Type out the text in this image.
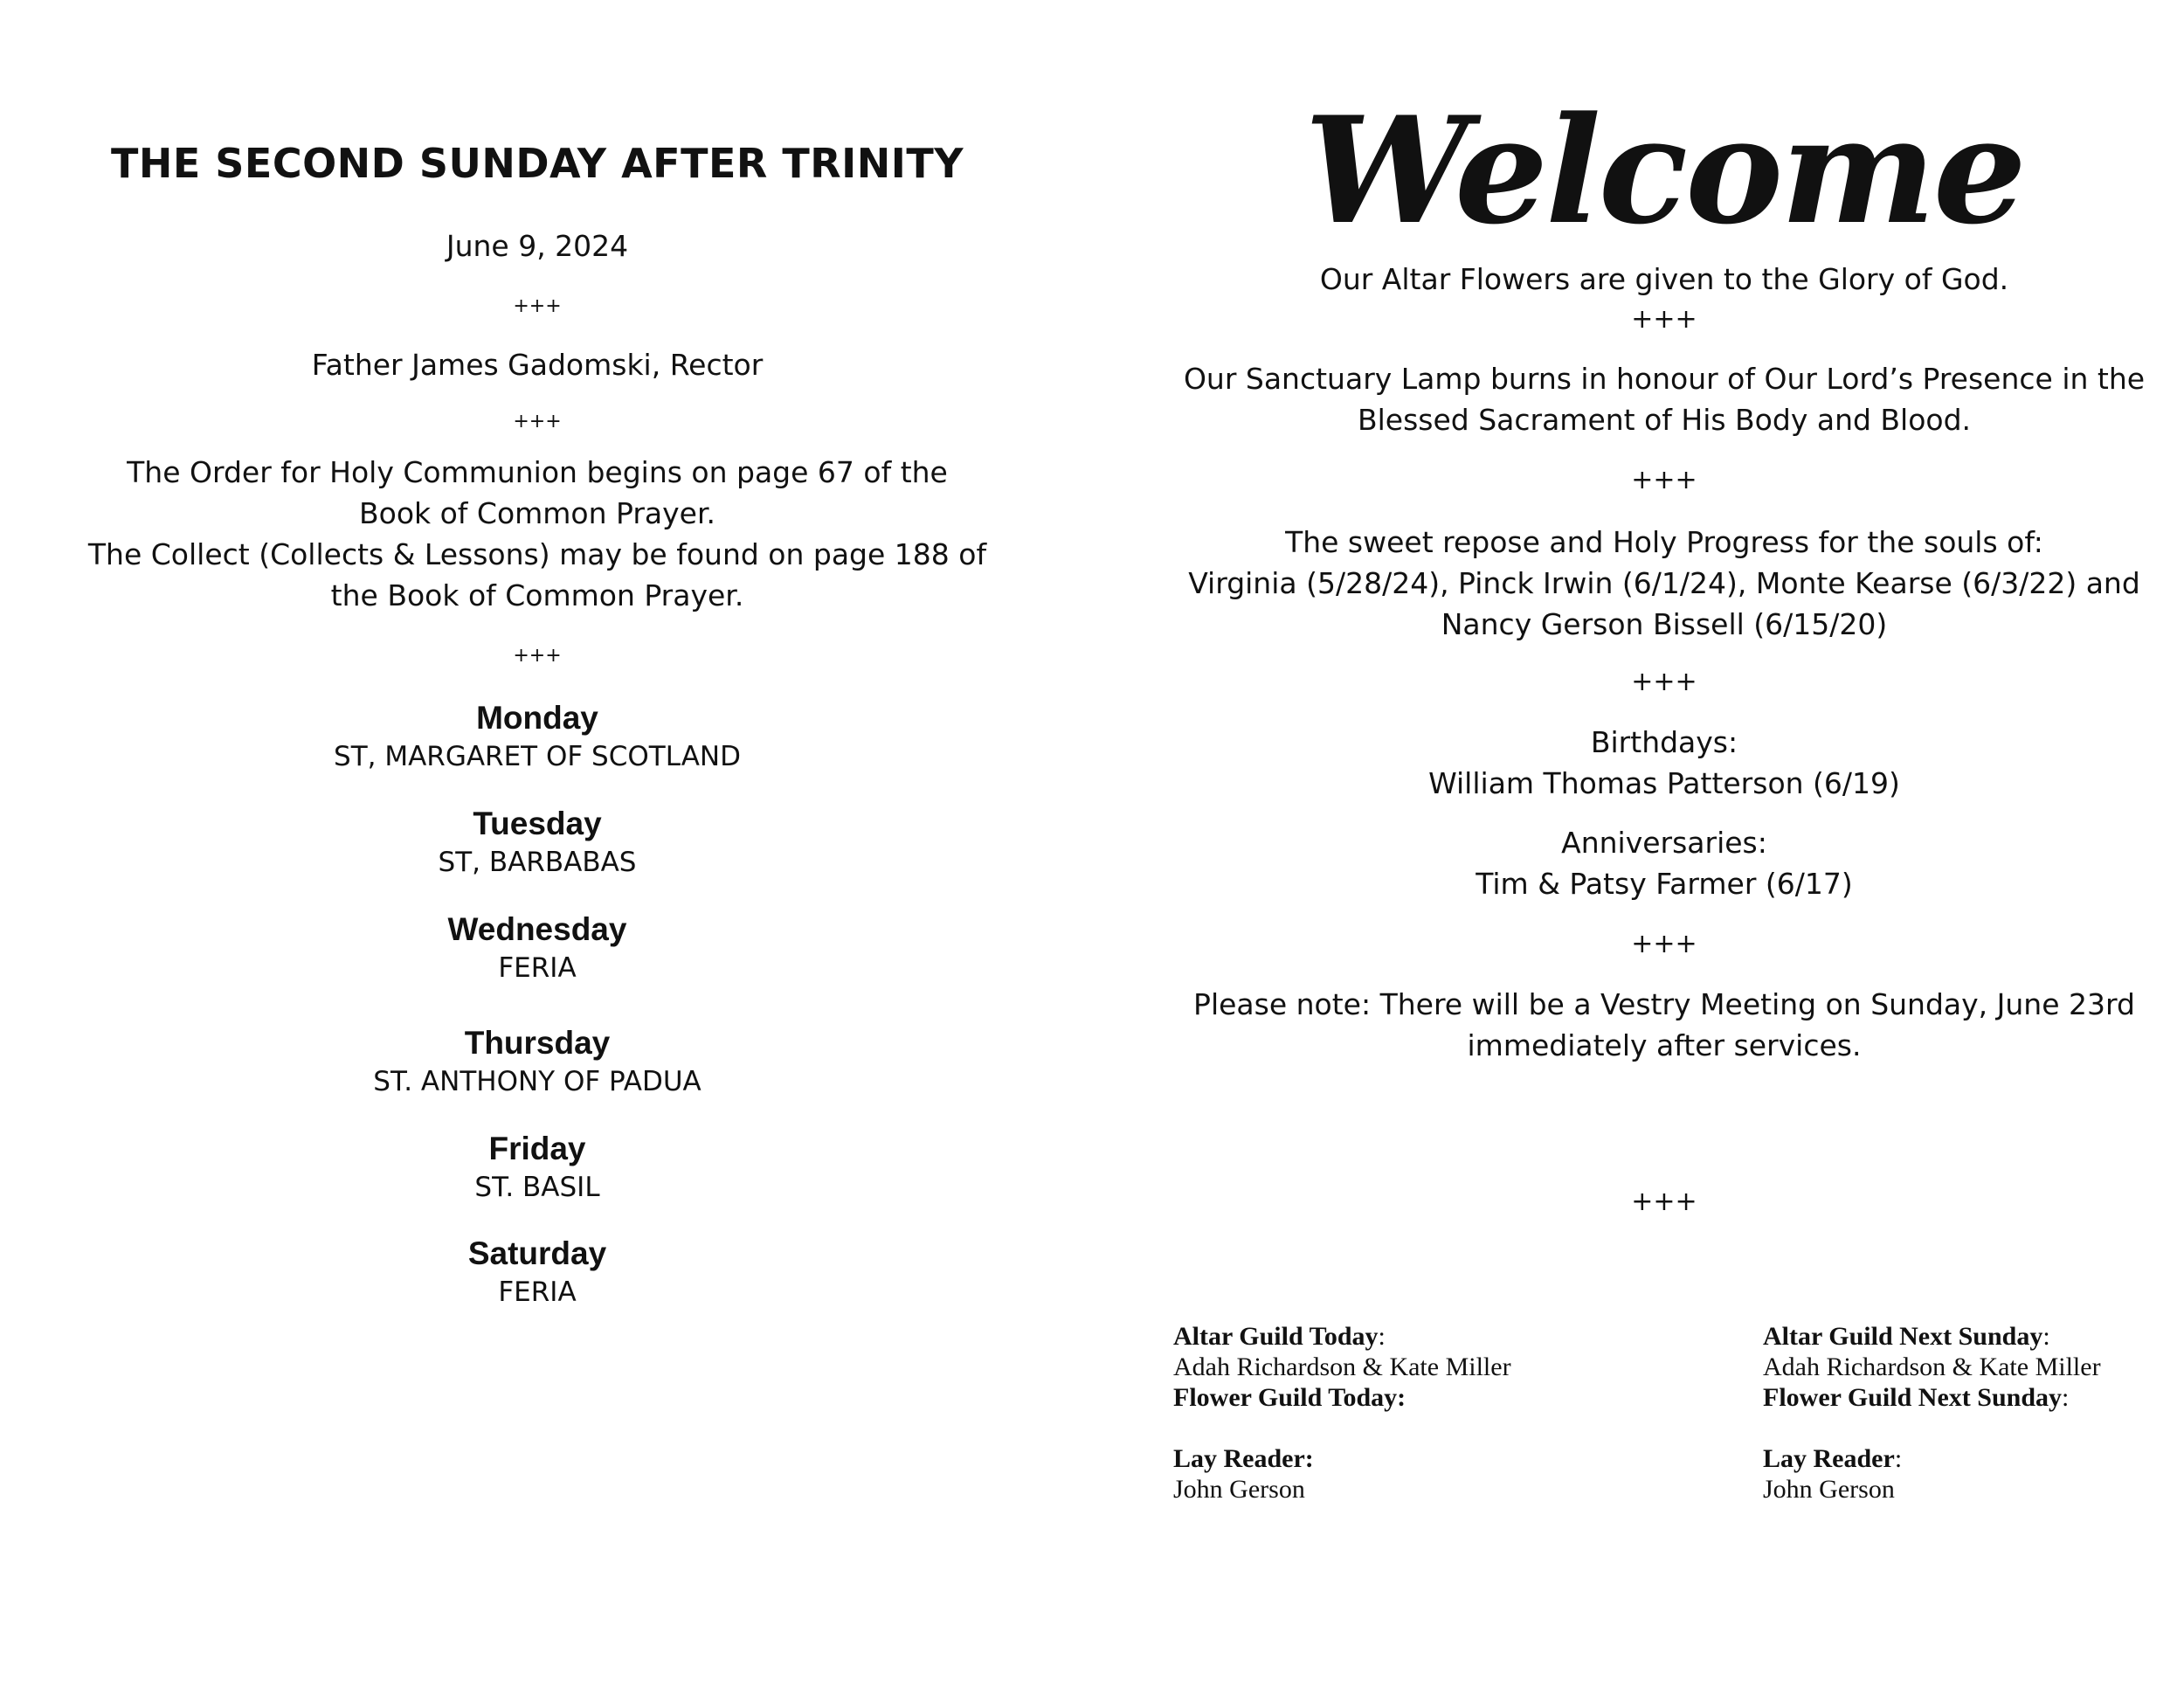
THE SECOND SUNDAY AFTER TRINITY
June 9, 2024
+++
Father James Gadomski, Rector
+++
The Order for Holy Communion begins on page 67 of the
Book of Common Prayer.
The Collect (Collects & Lessons) may be found on page 188 of
the Book of Common Prayer.
+++
Monday
ST, MARGARET OF SCOTLAND
Tuesday
ST, BARBABAS
Wednesday
FERIA
Thursday
ST. ANTHONY OF PADUA
Friday
ST. BASIL
Saturday
FERIA
Welcome
Our Altar Flowers are given to the Glory of God.
+++
Our Sanctuary Lamp burns in honour of Our Lord’s Presence in the
Blessed Sacrament of His Body and Blood.
+++
The sweet repose and Holy Progress for the souls of:
Virginia (5/28/24), Pinck Irwin (6/1/24), Monte Kearse (6/3/22) and
Nancy Gerson Bissell (6/15/20)
+++
Birthdays:
William Thomas Patterson (6/19)
Anniversaries:
Tim & Patsy Farmer (6/17)
+++
Please note: There will be a Vestry Meeting on Sunday, June 23rd
immediately after services.
+++
Altar Guild Today:
Adah Richardson & Kate Miller
Flower Guild Today:
Lay Reader:
John Gerson
Altar Guild Next Sunday:
Adah Richardson & Kate Miller
Flower Guild Next Sunday:
Lay Reader:
John Gerson
